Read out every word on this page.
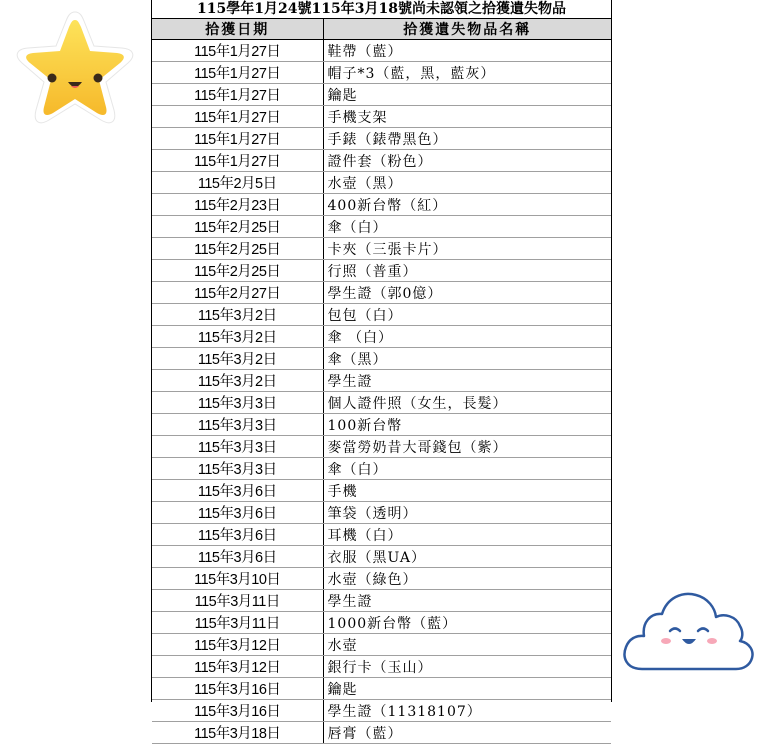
115學年1月24號115年3月18號尚未認領之拾獲遺失物品
拾獲日期	拾獲遺失物品名稱
115年1月27日	鞋帶（藍）
115年1月27日	帽子*3（藍，黑，藍灰）
115年1月27日	鑰匙
115年1月27日	手機支架
115年1月27日	手錶（錶帶黑色）
115年1月27日	證件套（粉色）
115年2月5日	水壺（黑）
115年2月23日	400新台幣（紅）
115年2月25日	傘（白）
115年2月25日	卡夾（三張卡片）
115年2月25日	行照（普重）
115年2月27日	學生證（郭0億）
115年3月2日	包包（白）
115年3月2日	傘 （白）
115年3月2日	傘（黑）
115年3月2日	學生證
115年3月3日	個人證件照（女生，長髮）
115年3月3日	100新台幣
115年3月3日	麥當勞奶昔大哥錢包（紫）
115年3月3日	傘（白）
115年3月6日	手機
115年3月6日	筆袋（透明）
115年3月6日	耳機（白）
115年3月6日	衣服（黑UA）
115年3月10日	水壺（綠色）
115年3月11日	學生證
115年3月11日	1000新台幣（藍）
115年3月12日	水壺
115年3月12日	銀行卡（玉山）
115年3月16日	鑰匙
115年3月16日	學生證（11318107）
115年3月18日	唇膏（藍）
